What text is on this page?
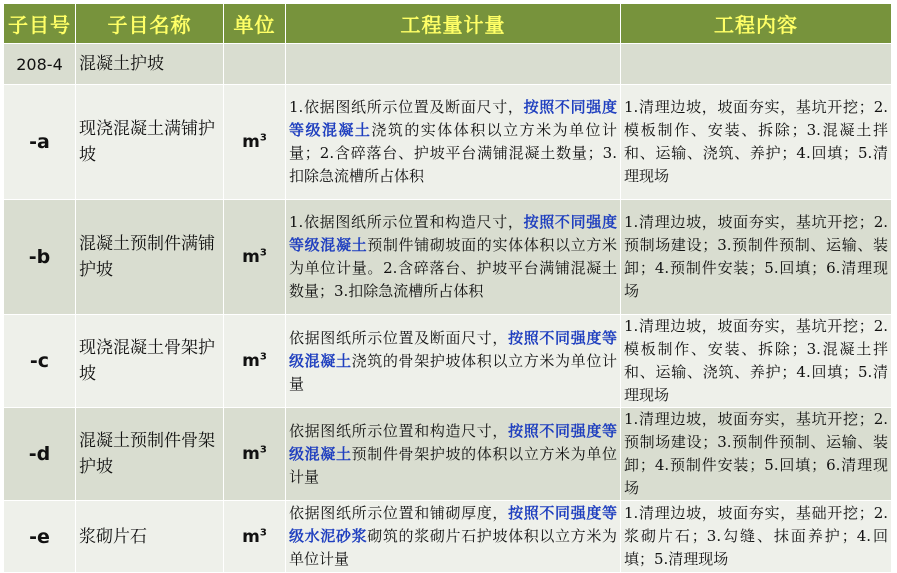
子目号	子目名称	单位	工程量计量	工程内容
208-4	混凝土护坡			
-a	现浇混凝土满铺护坡	$m^3$	1.依据图纸所示位置及断面尺寸，按照不同强度等级混凝土浇筑的实体体积以立方米为单位计量；2.含碎落台、护坡平台满铺混凝土数量；3.扣除急流槽所占体积	1.清理边坡，坡面夯实，基坑开挖；2.模板制作、安装、拆除；3.混凝土拌和、运输、浇筑、养护；4.回填；5.清理现场
-b	混凝土预制件满铺护坡	$m^3$	1.依据图纸所示位置和构造尺寸，按照不同强度等级混凝土预制件铺砌坡面的实体体积以立方米为单位计量。2.含碎落台、护坡平台满铺混凝土数量；3.扣除急流槽所占体积	1.清理边坡，坡面夯实，基坑开挖；2.预制场建设；3.预制件预制、运输、装卸；4.预制件安装；5.回填；6.清理现场
-c	现浇混凝土骨架护坡	$m^3$	依据图纸所示位置及断面尺寸，按照不同强度等级混凝土浇筑的骨架护坡体积以立方米为单位计量	1.清理边坡，坡面夯实，基坑开挖；2.模板制作、安装、拆除；3.混凝土拌和、运输、浇筑、养护；4.回填；5.清理现场
-d	混凝土预制件骨架护坡	$m^3$	依据图纸所示位置和构造尺寸，按照不同强度等级混凝土预制件骨架护坡的体积以立方米为单位计量	1.清理边坡，坡面夯实，基坑开挖；2.预制场建设；3.预制件预制、运输、装卸；4.预制件安装；5.回填；6.清理现场
-e	浆砌片石	$m^3$	依据图纸所示位置和铺砌厚度，按照不同强度等级水泥砂浆砌筑的浆砌片石护坡体积以立方米为单位计量	1.清理边坡，坡面夯实，基础开挖；2.浆砌片石；3.勾缝、抹面养护；4.回填；5.清理现场
